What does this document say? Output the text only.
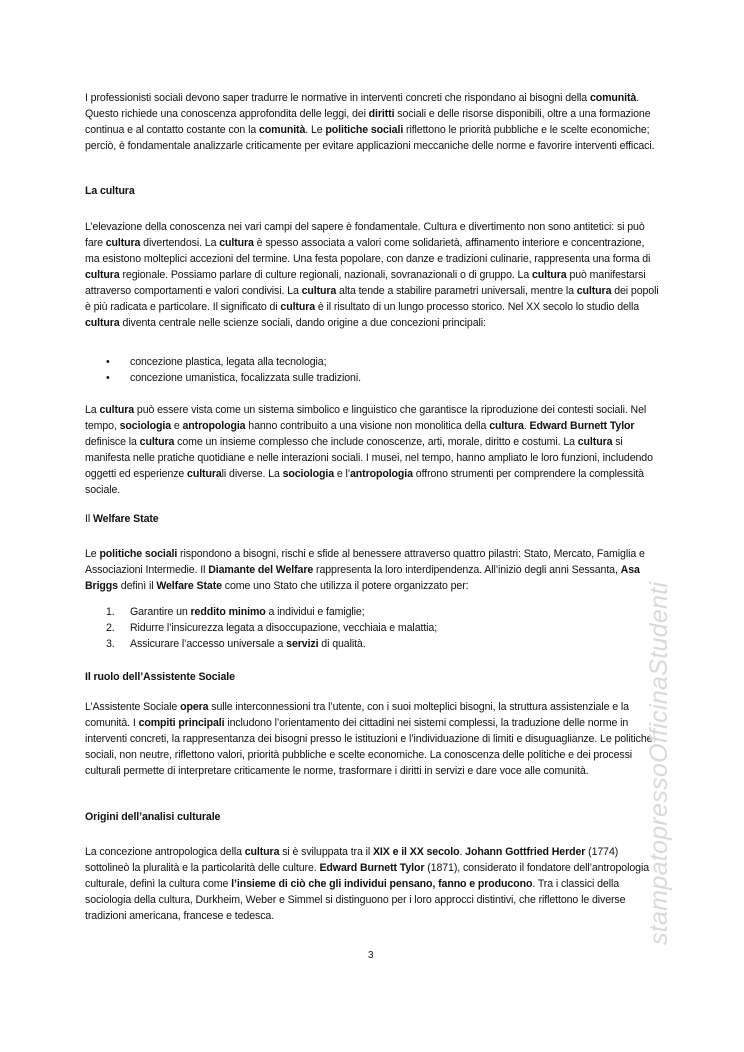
I professionisti sociali devono saper tradurre le normative in interventi concreti che rispondano ai bisogni della comunità. Questo richiede una conoscenza approfondita delle leggi, dei diritti sociali e delle risorse disponibili, oltre a una formazione continua e al contatto costante con la comunità. Le politiche sociali riflettono le priorità pubbliche e le scelte economiche; perciò, è fondamentale analizzarle criticamente per evitare applicazioni meccaniche delle norme e favorire interventi efficaci.
La cultura
L’elevazione della conoscenza nei vari campi del sapere è fondamentale. Cultura e divertimento non sono antitetici: si può fare cultura divertendosi. La cultura è spesso associata a valori come solidarietà, affinamento interiore e concentrazione, ma esistono molteplici accezioni del termine. Una festa popolare, con danze e tradizioni culinarie, rappresenta una forma di cultura regionale. Possiamo parlare di culture regionali, nazionali, sovranazionali o di gruppo. La cultura può manifestarsi attraverso comportamenti e valori condivisi. La cultura alta tende a stabilire parametri universali, mentre la cultura dei popoli è più radicata e particolare. Il significato di cultura è il risultato di un lungo processo storico. Nel XX secolo lo studio della cultura diventa centrale nelle scienze sociali, dando origine a due concezioni principali:
• concezione plastica, legata alla tecnologia;
• concezione umanistica, focalizzata sulle tradizioni.
La cultura può essere vista come un sistema simbolico e linguistico che garantisce la riproduzione dei contesti sociali. Nel tempo, sociologia e antropologia hanno contribuito a una visione non monolitica della cultura. Edward Burnett Tylor definisce la cultura come un insieme complesso che include conoscenze, arti, morale, diritto e costumi. La cultura si manifesta nelle pratiche quotidiane e nelle interazioni sociali. I musei, nel tempo, hanno ampliato le loro funzioni, includendo oggetti ed esperienze culturali diverse. La sociologia e l’antropologia offrono strumenti per comprendere la complessità sociale.
Il Welfare State
Le politiche sociali rispondono a bisogni, rischi e sfide al benessere attraverso quattro pilastri: Stato, Mercato, Famiglia e Associazioni Intermedie. Il Diamante del Welfare rappresenta la loro interdipendenza. All’inizio degli anni Sessanta, Asa Briggs definì il Welfare State come uno Stato che utilizza il potere organizzato per:
1. Garantire un reddito minimo a individui e famiglie;
2. Ridurre l’insicurezza legata a disoccupazione, vecchiaia e malattia;
3. Assicurare l’accesso universale a servizi di qualità.
Il ruolo dell’Assistente Sociale
L’Assistente Sociale opera sulle interconnessioni tra l’utente, con i suoi molteplici bisogni, la struttura assistenziale e la comunità. I compiti principali includono l’orientamento dei cittadini nei sistemi complessi, la traduzione delle norme in interventi concreti, la rappresentanza dei bisogni presso le istituzioni e l’individuazione di limiti e disuguaglianze. Le politiche sociali, non neutre, riflettono valori, priorità pubbliche e scelte economiche. La conoscenza delle politiche e dei processi culturali permette di interpretare criticamente le norme, trasformare i diritti in servizi e dare voce alle comunità.
Origini dell’analisi culturale
La concezione antropologica della cultura si è sviluppata tra il XIX e il XX secolo. Johann Gottfried Herder (1774) sottolineò la pluralità e la particolarità delle culture. Edward Burnett Tylor (1871), considerato il fondatore dell’antropologia culturale, definì la cultura come l’insieme di ciò che gli individui pensano, fanno e producono. Tra i classici della sociologia della cultura, Durkheim, Weber e Simmel si distinguono per i loro approcci distintivi, che riflettono le diverse tradizioni americana, francese e tedesca.
3
stampatopressoOfficinaStudenti
